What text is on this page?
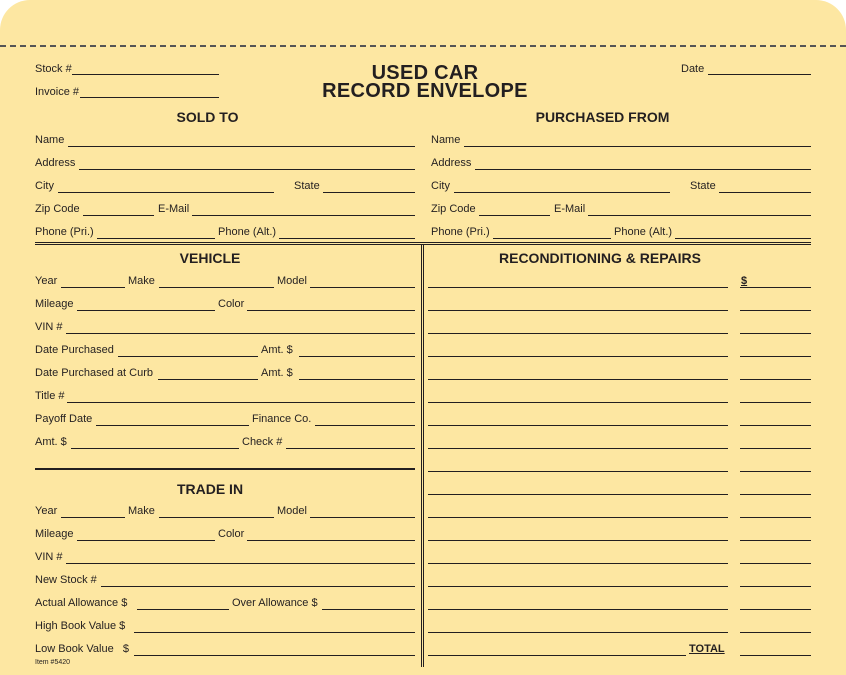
Stock #
Invoice #
USED CAR
RECORD ENVELOPE
Date
SOLD TO
Name
Address
City	State
Zip Code	E-Mail
Phone (Pri.)	Phone (Alt.)
PURCHASED FROM
Name
Address
City	State
Zip Code	E-Mail
Phone (Pri.)	Phone (Alt.)
VEHICLE
Year	Make	Model
Mileage	Color
VIN #
Date Purchased	Amt. $
Date Purchased at Curb	Amt. $
Title #
Payoff Date	Finance Co.
Amt. $	Check #
TRADE IN
Year	Make	Model
Mileage	Color
VIN #
New Stock #
Actual Allowance $	Over Allowance $
High Book Value $
Low Book Value   $
Item #5420
RECONDITIONING & REPAIRS
$
TOTAL
